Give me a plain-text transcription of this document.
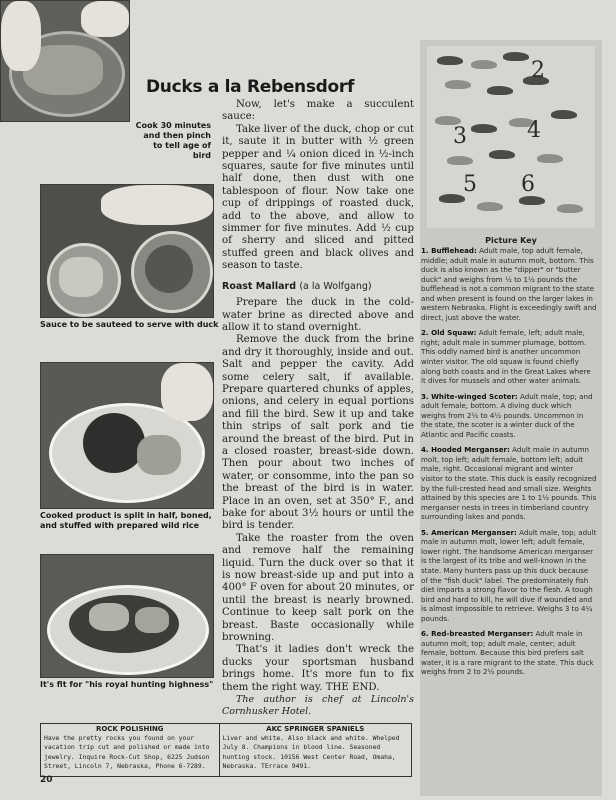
Cook 30 minutes and then pinch to tell age of bird
Sauce to be sauteed to serve with duck
Cooked product is split in half, boned, and stuffed with prepared wild rice
It's fit for "his royal hunting highness"
Ducks a la Rebensdorf

Now, let's make a succulent sauce:

Take liver of the duck, chop or cut it, saute it in butter with ½ green pepper and ¼ onion diced in ½-inch squares, saute for five minutes until half done, then dust with one tablespoon of flour. Now take one cup of drippings of roasted duck, add to the above, and allow to simmer for five minutes. Add ½ cup of sherry and sliced and pitted stuffed green and black olives and season to taste.

Roast Mallard (a la Wolfgang)

Prepare the duck in the cold-water brine as directed above and allow it to stand overnight.

Remove the duck from the brine and dry it thoroughly, inside and out. Salt and pepper the cavity. Add some celery salt, if available. Prepare quartered chunks of apples, onions, and celery in equal portions and fill the bird. Sew it up and take thin strips of salt pork and tie around the breast of the bird. Put in a closed roaster, breast-side down. Then pour about two inches of water, or consomme, into the pan so the breast of the bird is in water. Place in an oven, set at 350° F., and bake for about 3½ hours or until the bird is tender.

Take the roaster from the oven and remove half the remaining liquid. Turn the duck over so that it is now breast-side up and put into a 400° F oven for about 20 minutes, or until the breast is nearly browned. Continue to keep salt pork on the breast. Baste occasionally while browning.

That's it ladies don't wreck the ducks your sportsman husband brings home. It's more fun to fix them the right way. THE END.

The author is chef at Lincoln's Cornhusker Hotel.

2
3	4
5 6
Picture Key

1. Bufflehead: Adult male, top adult female, middle; adult male in autumn molt, bottom. This duck is also known as the "dipper" or "butter duck" and weighs from ½ to 1½ pounds the bufflehead is not a common migrant to the state and when present is found on the larger lakes in western Nebraska. Flight is exceedingly swift and direct, just above the water.

2. Old Squaw: Adult female, left; adult male, right; adult male in summer plumage, bottom. This oddly named bird is another uncommon winter visitor. The old squaw is found chiefly along both coasts and in the Great Lakes where it dives for mussels and other water animals.

3. White-winged Scoter: Adult male, top; and adult female, bottom. A diving duck which weighs from 2½ to 4½ pounds. Uncommon in the state, the scoter is a winter duck of the Atlantic and Pacific coasts.

4. Hooded Merganser: Adult male in autumn molt, top left; adult female, bottom left; adult male, right. Occasional migrant and winter visitor to the state. This duck is easily recognized by the full-crested head and small size. Weights attained by this species are 1 to 1½ pounds. This merganser nests in trees in timberland country surrounding lakes and ponds.

5. American Merganser: Adult male, top; adult male in autumn molt, lower left; adult female, lower right. The handsome American merganser is the largest of its tribe and well-known in the state. Many hunters pass up this duck because of the "fish duck" label. The predominately fish diet imparts a strong flavor to the flesh. A tough bird and hard to kill, he will dive if wounded and is almost impossible to retrieve. Weighs 3 to 4¼ pounds.

6. Red-breasted Merganser: Adult male in autumn molt, top; adult male, center; adult female, bottom. Because this bird prefers salt water, it is a rare migrant to the state. This duck weighs from 2 to 2½ pounds.

ROCK POLISHING
Have the pretty rocks you found on your vacation trip cut and polished or made into jewelry. Inquire Rock-Cut Shop, 6225 Judson Street, Lincoln 7, Nebraska, Phone 6-7289.
AKC SPRINGER SPANIELS
Liver and white. Also black and white. Whelped July 8. Champions in blood line. Seasoned hunting stock. 10156 West Center Road, Omaha, Nebraska. TErrace 9491.
20
